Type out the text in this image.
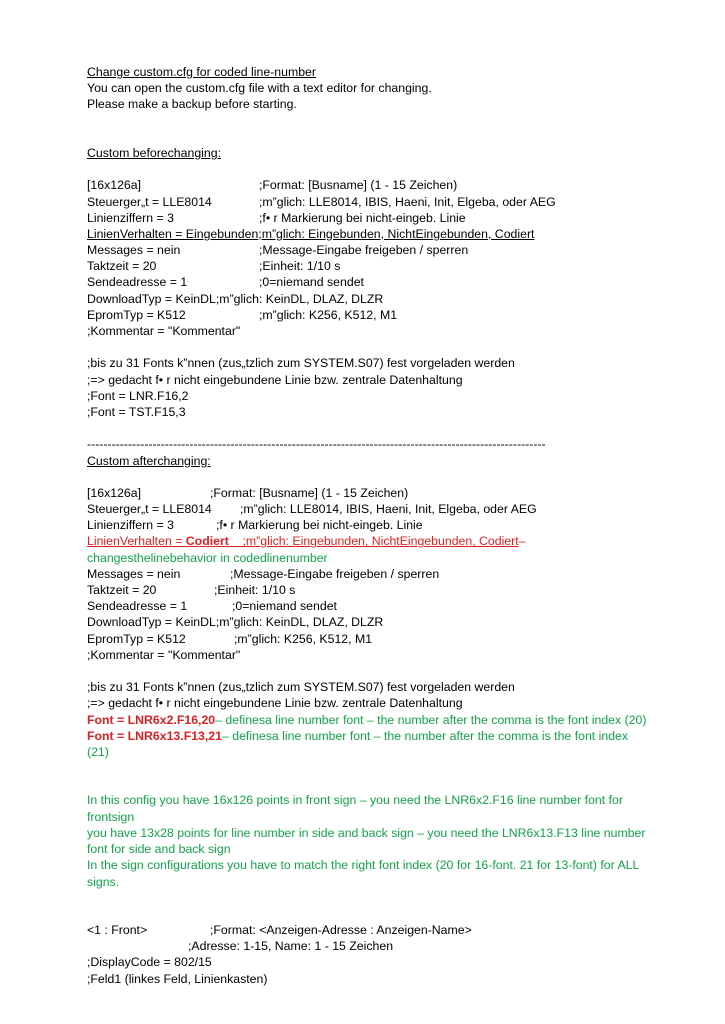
Change custom.cfg for coded line-number
You can open the custom.cfg file with a text editor for changing.
Please make a backup before starting.
Custom beforechanging:
[16x126a]	;Format: [Busname] (1 - 15 Zeichen)
Steuerger„t = LLE8014	;m”glich: LLE8014, IBIS, Haeni, Init, Elgeba, oder AEG
Linienziffern = 3	;f• r Markierung bei nicht-eingeb. Linie
LinienVerhalten = Eingebunden;m”glich: Eingebunden, NichtEingebunden, Codiert
Messages = nein	;Message-Eingabe freigeben / sperren
Taktzeit = 20	;Einheit: 1/10 s
Sendeadresse = 1	;0=niemand sendet
DownloadTyp = KeinDL;m”glich: KeinDL, DLAZ, DLZR
EpromTyp = K512	;m”glich: K256, K512, M1
;Kommentar = "Kommentar"
;bis zu 31 Fonts k”nnen (zus„tzlich zum SYSTEM.S07) fest vorgeladen werden
;=> gedacht f• r nicht eingebundene Linie bzw. zentrale Datenhaltung
;Font = LNR.F16,2
;Font = TST.F15,3
----------------------------------------------------------------------------------------------------------------
Custom afterchanging:
[16x126a]	;Format: [Busname] (1 - 15 Zeichen)
Steuerger„t = LLE8014 ;m”glich: LLE8014, IBIS, Haeni, Init, Elgeba, oder AEG
Linienziffern = 3	;f• r Markierung bei nicht-eingeb. Linie
LinienVerhalten = Codiert    ;m”glich: Eingebunden, NichtEingebunden, Codiert–
changesthelinebehavior in codedlinenumber
Messages = nein	;Message-Eingabe freigeben / sperren
Taktzeit = 20	;Einheit: 1/10 s
Sendeadresse = 1	;0=niemand sendet
DownloadTyp = KeinDL;m”glich: KeinDL, DLAZ, DLZR
EpromTyp = K512	;m”glich: K256, K512, M1
;Kommentar = "Kommentar"
;bis zu 31 Fonts k”nnen (zus„tzlich zum SYSTEM.S07) fest vorgeladen werden
;=> gedacht f• r nicht eingebundene Linie bzw. zentrale Datenhaltung
Font = LNR6x2.F16,20– definesa line number font – the number after the comma is the font index (20)
Font = LNR6x13.F13,21– definesa line number font – the number after the comma is the font index (21)
In this config you have 16x126 points in front sign – you need the LNR6x2.F16 line number font for frontsign
you have 13x28 points for line number in side and back sign – you need the LNR6x13.F13 line number font for side and back sign
In the sign configurations you have to match the right font index (20 for 16-font. 21 for 13-font) for ALL signs.
<1 : Front>	;Format: <Anzeigen-Adresse : Anzeigen-Name>
;Adresse: 1-15, Name: 1 - 15 Zeichen
;DisplayCode = 802/15
;Feld1 (linkes Feld, Linienkasten)
